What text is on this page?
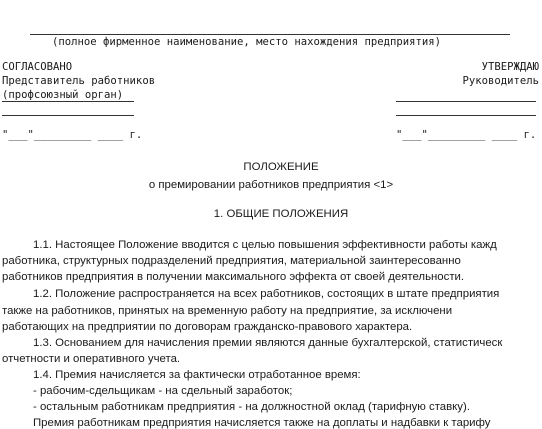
(полное фирменное наименование, место нахождения предприятия)
СОГЛАСОВАНО
Представитель работников
(профсоюзный орган)
"___"_________ ____ г.
УТВЕРЖДАЮ
Руководитель
"___"_________ ____ г.
ПОЛОЖЕНИЕ
о премировании работников предприятия <1>
1. ОБЩИЕ ПОЛОЖЕНИЯ
1.1. Настоящее Положение вводится с целью повышения эффективности работы кажд
работника, структурных подразделений предприятия, материальной заинтересованно
работников предприятия в получении максимального эффекта от своей деятельности.
1.2. Положение распространяется на всех работников, состоящих в штате предприятия
также на работников, принятых на временную работу на предприятие, за исключени
работающих на предприятии по договорам гражданско-правового характера.
1.3. Основанием для начисления премии являются данные бухгалтерской, статистическ
отчетности и оперативного учета.
1.4. Премия начисляется за фактически отработанное время:
- рабочим-сдельщикам - на сдельный заработок;
- остальным работникам предприятия - на должностной оклад (тарифную ставку).
Премия работникам предприятия начисляется также на доплаты и надбавки к тарифу
